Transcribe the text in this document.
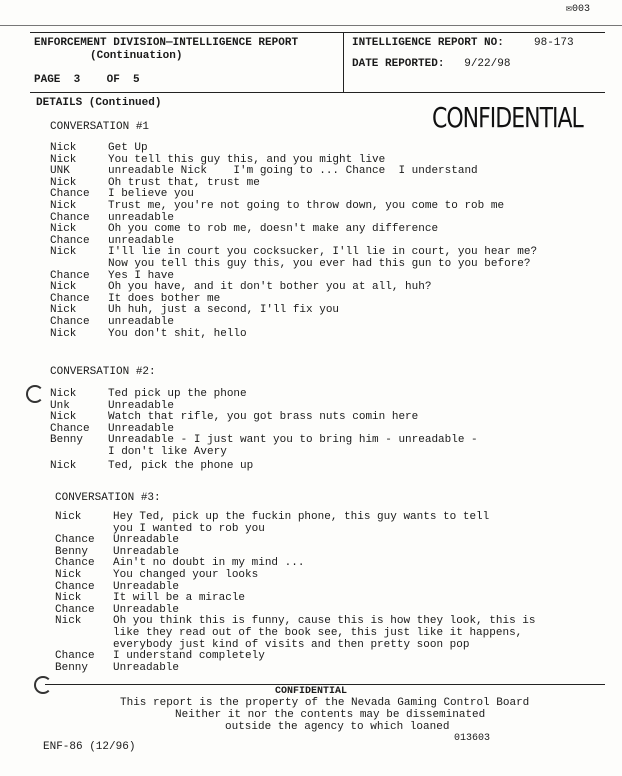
✉003
ENFORCEMENT DIVISION—INTELLIGENCE REPORT
(Continuation)
PAGE 3 OF 5
INTELLIGENCE REPORT NO:	98-173
DATE REPORTED: 9/22/98
DETAILS (Continued)	CONFIDENTIAL
CONVERSATION #1
Nick	Get Up
Nick	You tell this guy this, and you might live
UNK	unreadable Nick    I'm going to ... Chance  I understand
Nick	Oh trust that, trust me
Chance	I believe you
Nick	Trust me, you're not going to throw down, you come to rob me
Chance	unreadable
Nick	Oh you come to rob me, doesn't make any difference
Chance	unreadable
Nick	I'll lie in court you cocksucker, I'll lie in court, you hear me?
Now you tell this guy this, you ever had this gun to you before?
Chance	Yes I have
Nick	Oh you have, and it don't bother you at all, huh?
Chance	It does bother me
Nick	Uh huh, just a second, I'll fix you
Chance	unreadable
Nick	You don't shit, hello
CONVERSATION #2:
Nick	Ted pick up the phone
Unk	Unreadable
Nick	Watch that rifle, you got brass nuts comin here
Chance	Unreadable
Benny	Unreadable - I just want you to bring him - unreadable -
I don't like Avery
Nick	Ted, pick the phone up
CONVERSATION #3:
Nick	Hey Ted, pick up the fuckin phone, this guy wants to tell
you I wanted to rob you
Chance	Unreadable
Benny	Unreadable
Chance	Ain't no doubt in my mind ...
Nick	You changed your looks
Chance	Unreadable
Nick	It will be a miracle
Chance	Unreadable
Nick	Oh you think this is funny, cause this is how they look, this is
like they read out of the book see, this just like it happens,
everybody just kind of visits and then pretty soon pop
Chance	I understand completely
Benny	Unreadable
CONFIDENTIAL
This report is the property of the Nevada Gaming Control Board
Neither it nor the contents may be disseminated
outside the agency to which loaned
013603
ENF-86 (12/96)
